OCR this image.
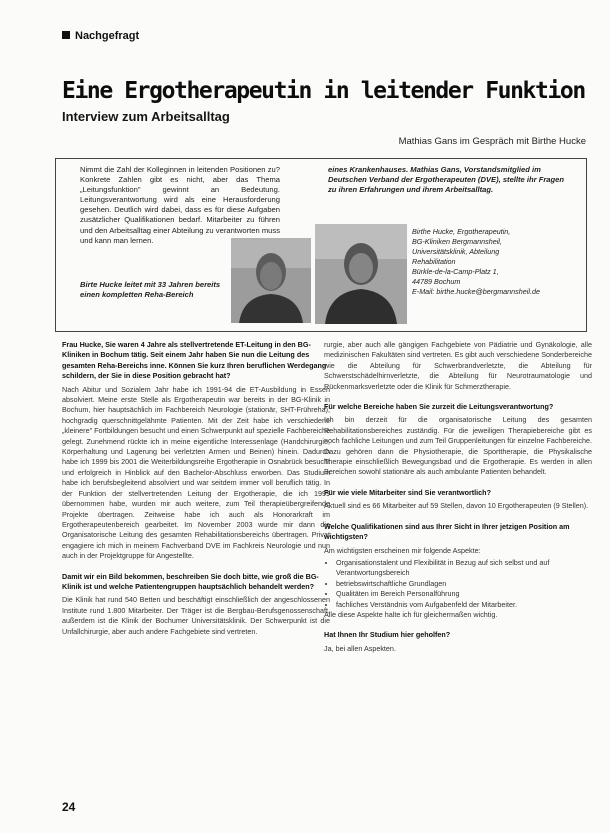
Nachgefragt
Eine Ergotherapeutin in leitender Funktion
Interview zum Arbeitsalltag
Mathias Gans im Gespräch mit Birthe Hucke
Nimmt die Zahl der Kolleginnen in leitenden Positionen zu? Konkrete Zahlen gibt es nicht, aber das Thema „Leitungsfunktion" gewinnt an Bedeutung. Leitungsverantwortung wird als eine Herausforderung gesehen. Deutlich wird dabei, dass es für diese Aufgaben zusätzlicher Qualifikationen bedarf. Mitarbeiter zu führen und den Arbeitsalltag einer Abteilung zu verantworten muss und kann man lernen.
eines Krankenhauses. Mathias Gans, Vorstandsmitglied im Deutschen Verband der Ergotherapeuten (DVE), stellte ihr Fragen zu ihren Erfahrungen und ihrem Arbeitsalltag.
Birte Hucke leitet mit 33 Jahren bereits einen kompletten Reha-Bereich
Birthe Hucke, Ergotherapeutin,
BG-Kliniken Bergmannsheil,
Universitätsklinik, Abteilung
Rehabilitation
Bürkle-de-la-Camp-Platz 1,
44789 Bochum
E-Mail: birthe.hucke@bergmannsheil.de

Frau Hucke, Sie waren 4 Jahre als stellvertretende ET-Leitung in den BG-Kliniken in Bochum tätig. Seit einem Jahr haben Sie nun die Leitung des gesamten Reha-Bereichs inne. Können Sie kurz Ihren beruflichen Werdegang schildern, der Sie in diese Position gebracht hat?

Nach Abitur und Sozialem Jahr habe ich 1991-94 die ET-Ausbildung in Essen absolviert. Meine erste Stelle als Ergotherapeutin war bereits in der BG-Klinik in Bochum, hier hauptsächlich im Fachbereich Neurologie (stationär, SHT-Frühreha), hochgradig querschnittgelähmte Patienten. Mit der Zeit habe ich verschiedene „kleinere" Fortbildungen besucht und einen Schwerpunkt auf spezielle Fachbereiche gelegt. Zunehmend rückte ich in meine eigentliche Interessenlage (Handchirurgie, Körperhaltung und Lagerung bei verletzten Armen und Beinen) hinein. Dadurch habe ich 1999 bis 2001 die Weiterbildungsreihe Ergotherapie in Osnabrück besucht und erfolgreich in Hinblick auf den Bachelor-Abschluss erworben. Das Studium habe ich berufsbegleitend absolviert und war seitdem immer voll beruflich tätig. In der Funktion der stellvertretenden Leitung der Ergotherapie, die ich 1999 übernommen habe, wurden mir auch weitere, zum Teil therapieübergreifende Projekte übertragen. Zeitweise habe ich auch als Honorarkraft im Ergotherapeutenbereich gearbeitet. Im November 2003 wurde mir dann die Organisatorische Leitung des gesamten Rehabilitationsbereichs übertragen. Privat engagiere ich mich in meinem Fachverband DVE im Fachkreis Neurologie und nun auch in der Projektgruppe für Angestellte.

Damit wir ein Bild bekommen, beschreiben Sie doch bitte, wie groß die BG-Klinik ist und welche Patientengruppen hauptsächlich behandelt werden?

Die Klinik hat rund 540 Betten und beschäftigt einschließlich der angeschlossenen Institute rund 1.800 Mitarbeiter. Der Träger ist die Bergbau-Berufsgenossenschaft, außerdem ist die Klinik der Bochumer Universitätsklinik. Der Schwerpunkt ist die Unfallchirurgie, aber auch andere Fachgebiete sind vertreten.

rurgie, aber auch alle gängigen Fachgebiete von Pädiatrie und Gynäkologie, alle medizinischen Fakultäten sind vertreten. Es gibt auch verschiedene Sonderbereiche wie die Abteilung für Schwerbrandverletzte, die Abteilung für Schwerstschädelhirnverletzte, die Abteilung für Neurotraumatologie und Rückenmarksverletzte oder die Klinik für Schmerztherapie.

Für welche Bereiche haben Sie zurzeit die Leitungsverantwortung?

Ich bin derzeit für die organisatorische Leitung des gesamten Rehabilitationsbereiches zuständig. Für die jeweiligen Therapiebereiche gibt es noch fachliche Leitungen und zum Teil Gruppenleitungen für einzelne Fachbereiche. Dazu gehören dann die Physiotherapie, die Sporttherapie, die Physikalische Therapie einschließlich Bewegungsbad und die Ergotherapie. Es werden in allen Bereichen sowohl stationäre als auch ambulante Patienten behandelt.

Für wie viele Mitarbeiter sind Sie verantwortlich?

Aktuell sind es 66 Mitarbeiter auf 59 Stellen, davon 10 Ergotherapeuten (9 Stellen).

Welche Qualifikationen sind aus Ihrer Sicht in Ihrer jetzigen Position am wichtigsten?

Am wichtigsten erscheinen mir folgende Aspekte:

• Organisationstalent und Flexibilität in Bezug auf sich selbst und auf Verantwortungsbereich
• betriebswirtschaftliche Grundlagen
• Qualitäten im Bereich Personalführung
• fachliches Verständnis vom Aufgabenfeld der Mitarbeiter.

Alle diese Aspekte halte ich für gleichermaßen wichtig.

Hat Ihnen Ihr Studium hier geholfen?

Ja, bei allen Aspekten.

24
